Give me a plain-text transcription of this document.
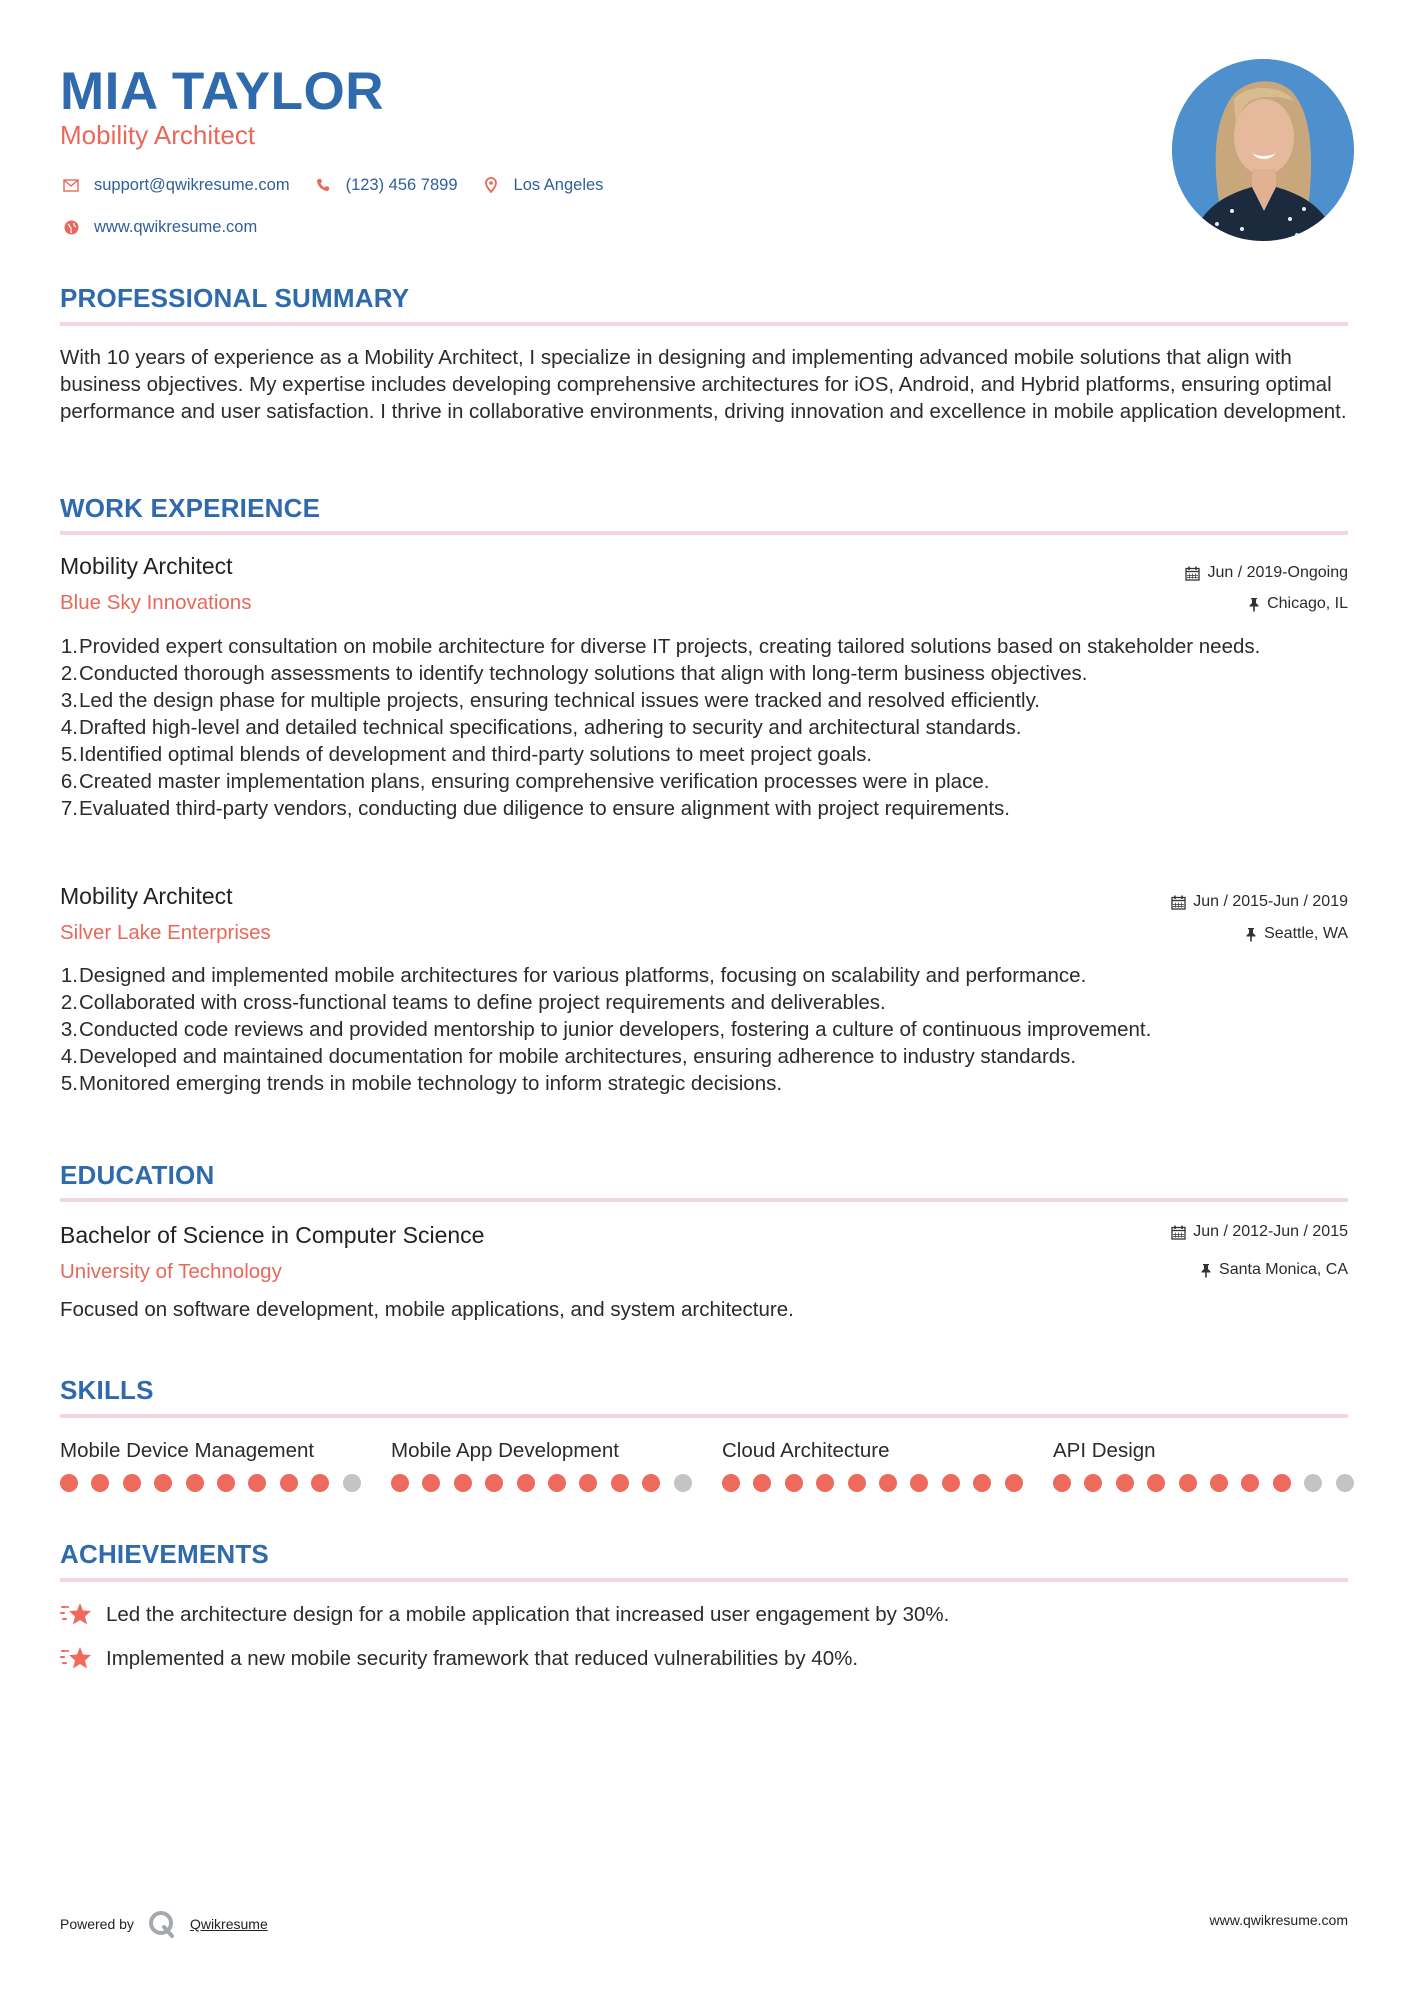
MIA TAYLOR
Mobility Architect
support@qwikresume.com	(123) 456 7899	Los Angeles
www.qwikresume.com
PROFESSIONAL SUMMARY
With 10 years of experience as a Mobility Architect, I specialize in designing and implementing advanced mobile solutions that align with business objectives. My expertise includes developing comprehensive architectures for iOS, Android, and Hybrid platforms, ensuring optimal performance and user satisfaction. I thrive in collaborative environments, driving innovation and excellence in mobile application development.
WORK EXPERIENCE
Mobility Architect
Blue Sky Innovations
Jun / 2019-Ongoing
Chicago, IL
1. Provided expert consultation on mobile architecture for diverse IT projects, creating tailored solutions based on stakeholder needs.
2. Conducted thorough assessments to identify technology solutions that align with long-term business objectives.
3. Led the design phase for multiple projects, ensuring technical issues were tracked and resolved efficiently.
4. Drafted high-level and detailed technical specifications, adhering to security and architectural standards.
5. Identified optimal blends of development and third-party solutions to meet project goals.
6. Created master implementation plans, ensuring comprehensive verification processes were in place.
7. Evaluated third-party vendors, conducting due diligence to ensure alignment with project requirements.
Mobility Architect
Silver Lake Enterprises
Jun / 2015-Jun / 2019
Seattle, WA
1. Designed and implemented mobile architectures for various platforms, focusing on scalability and performance.
2. Collaborated with cross-functional teams to define project requirements and deliverables.
3. Conducted code reviews and provided mentorship to junior developers, fostering a culture of continuous improvement.
4. Developed and maintained documentation for mobile architectures, ensuring adherence to industry standards.
5. Monitored emerging trends in mobile technology to inform strategic decisions.
EDUCATION
Bachelor of Science in Computer Science
University of Technology
Jun / 2012-Jun / 2015
Santa Monica, CA
Focused on software development, mobile applications, and system architecture.
SKILLS
Mobile Device Management	Mobile App Development	Cloud Architecture	API Design
ACHIEVEMENTS
Led the architecture design for a mobile application that increased user engagement by 30%.
Implemented a new mobile security framework that reduced vulnerabilities by 40%.
Powered by	Qwikresume	www.qwikresume.com
